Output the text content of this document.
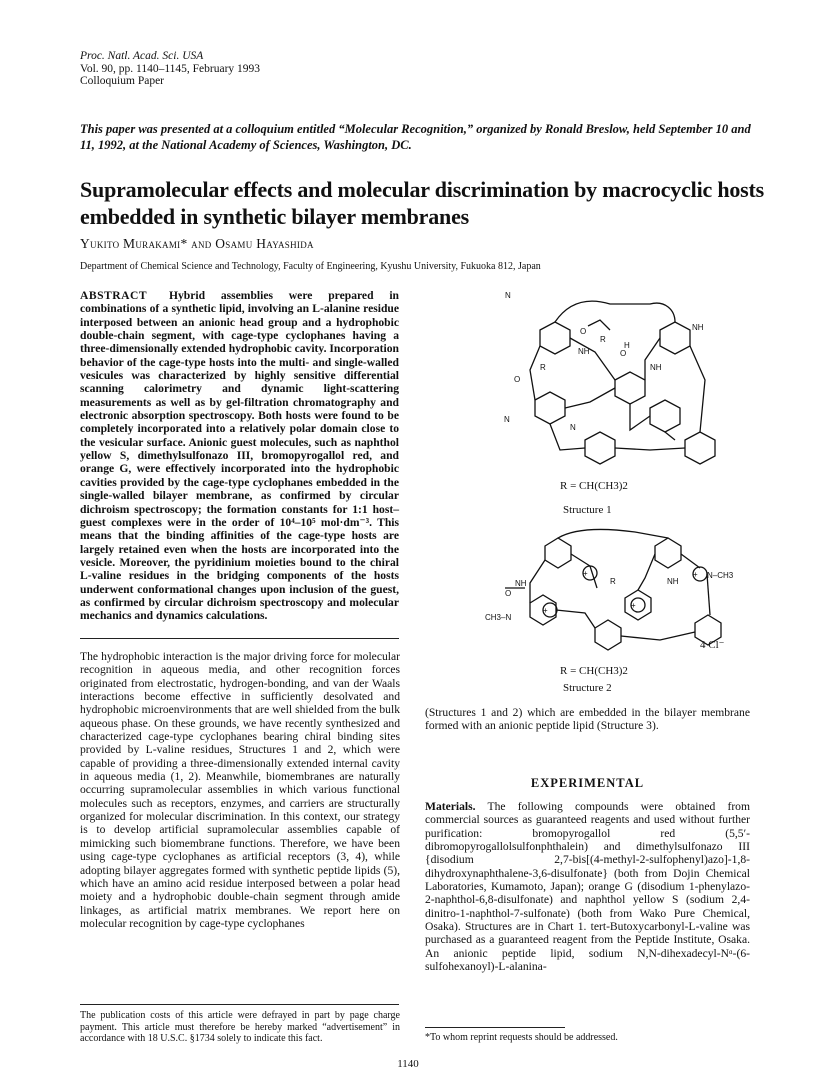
Proc. Natl. Acad. Sci. USA
Vol. 90, pp. 1140–1145, February 1993
Colloquium Paper
This paper was presented at a colloquium entitled “Molecular Recognition,” organized by Ronald Breslow, held September 10 and 11, 1992, at the National Academy of Sciences, Washington, DC.
Supramolecular effects and molecular discrimination by macrocyclic hosts embedded in synthetic bilayer membranes
Yukito Murakami* and Osamu Hayashida
Department of Chemical Science and Technology, Faculty of Engineering, Kyushu University, Fukuoka 812, Japan
ABSTRACT Hybrid assemblies were prepared in combinations of a synthetic lipid, involving an L-alanine residue interposed between an anionic head group and a hydrophobic double-chain segment, with cage-type cyclophanes having a three-dimensionally extended hydrophobic cavity. Incorporation behavior of the cage-type hosts into the multi- and single-walled vesicules was characterized by highly sensitive differential scanning calorimetry and dynamic light-scattering measurements as well as by gel-filtration chromatography and electronic absorption spectroscopy. Both hosts were found to be completely incorporated into a relatively polar domain close to the vesicular surface. Anionic guest molecules, such as naphthol yellow S, dimethylsulfonazo III, bromopyrogallol red, and orange G, were effectively incorporated into the hydrophobic cavities provided by the cage-type cyclophanes embedded in the single-walled bilayer membrane, as confirmed by circular dichroism spectroscopy; the formation constants for 1:1 host–guest complexes were in the order of 10⁴–10⁵ mol·dm⁻³. This means that the binding affinities of the cage-type hosts are largely retained even when the hosts are incorporated into the vesicle. Moreover, the pyridinium moieties bound to the chiral L-valine residues in the bridging components of the hosts underwent conformational changes upon inclusion of the guest, as confirmed by circular dichroism spectroscopy and molecular mechanics and dynamics calculations.
The hydrophobic interaction is the major driving force for molecular recognition in aqueous media, and other recognition forces originated from electrostatic, hydrogen-bonding, and van der Waals interactions become effective in sufficiently desolvated and hydrophobic microenvironments that are well shielded from the bulk aqueous phase. On these grounds, we have recently synthesized and characterized cage-type cyclophanes bearing chiral binding sites provided by L-valine residues, Structures 1 and 2, which were capable of providing a three-dimensionally extended internal cavity in aqueous media (1, 2). Meanwhile, biomembranes are naturally occurring supramolecular assemblies in which various functional molecules such as receptors, enzymes, and carriers are structurally organized for molecular discrimination. In this context, our strategy is to develop artificial supramolecular assemblies capable of mimicking such biomembrane functions. Therefore, we have been using cage-type cyclophanes as artificial receptors (3, 4), while adopting bilayer aggregates formed with synthetic peptide lipids (5), which have an amino acid residue interposed between a polar head moiety and a hydrophobic double-chain segment through amide linkages, as artificial matrix membranes. We report here on molecular recognition by cage-type cyclophanes
N
O
R
NH
H
NH
O
R	NH
N
O
N
R = CH(CH3)2
Structure 1
+	+
+
+
N–CH3
CH3–N
O
NH	R	NH
4 Cl⁻
R = CH(CH3)2
Structure 2
(Structures 1 and 2) which are embedded in the bilayer membrane formed with an anionic peptide lipid (Structure 3).
EXPERIMENTAL
Materials. The following compounds were obtained from commercial sources as guaranteed reagents and used without further purification: bromopyrogallol red (5,5′-dibromopyrogallolsulfonphthalein) and dimethylsulfonazo III {disodium 2,7-bis[(4-methyl-2-sulfophenyl)azo]-1,8-dihydroxynaphthalene-3,6-disulfonate} (both from Dojin Chemical Laboratories, Kumamoto, Japan); orange G (disodium 1-phenylazo-2-naphthol-6,8-disulfonate) and naphthol yellow S (sodium 2,4-dinitro-1-naphthol-7-sulfonate) (both from Wako Pure Chemical, Osaka). Structures are in Chart 1. tert-Butoxycarbonyl-L-valine was purchased as a guaranteed reagent from the Peptide Institute, Osaka. An anionic peptide lipid, sodium N,N-dihexadecyl-Nᵅ-(6-sulfohexanoyl)-L-alanina-
The publication costs of this article were defrayed in part by page charge payment. This article must therefore be hereby marked “advertisement” in accordance with 18 U.S.C. §1734 solely to indicate this fact.	*To whom reprint requests should be addressed.
1140
